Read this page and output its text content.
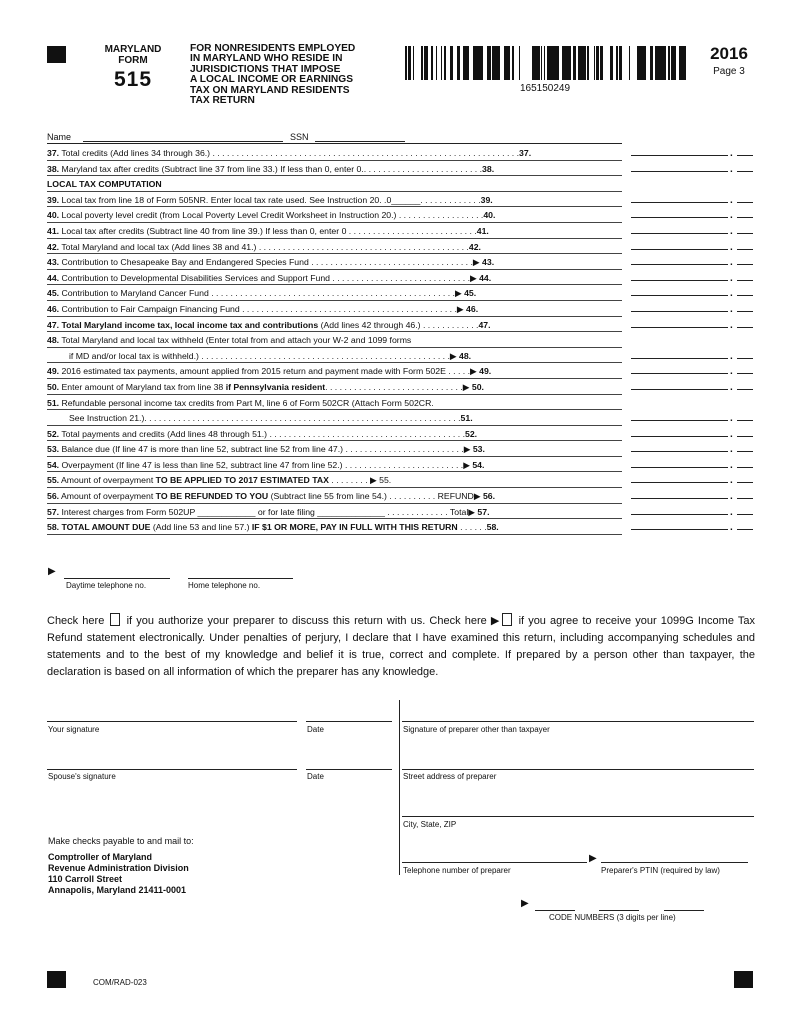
MARYLAND
FORM
515
FOR NONRESIDENTS EMPLOYED
IN MARYLAND WHO RESIDE IN
JURISDICTIONS THAT IMPOSE
A LOCAL INCOME OR EARNINGS
TAX ON MARYLAND RESIDENTS
TAX RETURN
165150249
2016
Page 3
Name	SSN
37. Total credits (Add lines 34 through 36.) . . . . . . . . . . . . . . . . . . . . . . . . . . . . . . . . . . . . . . . . . . . . . . . . . . . . . . . . . . . . . . . .37.	.
38. Maryland tax after credits (Subtract line 37 from line 33.) If less than 0, enter 0.. . . . . . . . . . . . . . . . . . . . . . . . .38.	.
LOCAL TAX COMPUTATION
39. Local tax from line 18 of Form 505NR. Enter local tax rate used. See Instruction 20. .0______. . . . . . . . . . . . .39.	.
40. Local poverty level credit (from Local Poverty Level Credit Worksheet in Instruction 20.) . . . . . . . . . . . . . . . . . .40.	.
41. Local tax after credits (Subtract line 40 from line 39.) If less than 0, enter 0 . . . . . . . . . . . . . . . . . . . . . . . . . . .41.	.
42. Total Maryland and local tax (Add lines 38 and 41.) . . . . . . . . . . . . . . . . . . . . . . . . . . . . . . . . . . . . . . . . . . . .42.	.
43. Contribution to Chesapeake Bay and Endangered Species Fund . . . . . . . . . . . . . . . . . . . . . . . . . . . . . . . . . .▶ 43.	.
44. Contribution to Developmental Disabilities Services and Support Fund . . . . . . . . . . . . . . . . . . . . . . . . . . . . .▶ 44.	.
45. Contribution to Maryland Cancer Fund . . . . . . . . . . . . . . . . . . . . . . . . . . . . . . . . . . . . . . . . . . . . . . . . . . .▶ 45.	.
46. Contribution to Fair Campaign Financing Fund . . . . . . . . . . . . . . . . . . . . . . . . . . . . . . . . . . . . . . . . . . . . .▶ 46.	.
47. Total Maryland income tax, local income tax and contributions (Add lines 42 through 46.) . . . . . . . . . . . .47.	.
48. Total Maryland and local tax withheld (Enter total from and attach your W-2 and 1099 forms
if MD and/or local tax is withheld.) . . . . . . . . . . . . . . . . . . . . . . . . . . . . . . . . . . . . . . . . . . . . . . . . . . . .▶ 48.	.
49. 2016 estimated tax payments, amount applied from 2015 return and payment made with Form 502E . . . . .▶ 49.	.
50. Enter amount of Maryland tax from line 38 if Pennsylvania resident. . . . . . . . . . . . . . . . . . . . . . . . . . . . .▶ 50.	.
51. Refundable personal income tax credits from Part M, line 6 of Form 502CR (Attach Form 502CR.
See Instruction 21.). . . . . . . . . . . . . . . . . . . . . . . . . . . . . . . . . . . . . . . . . . . . . . . . . . . . . . . . . . . . . . . . . .51.	.
52. Total payments and credits (Add lines 48 through 51.) . . . . . . . . . . . . . . . . . . . . . . . . . . . . . . . . . . . . . . . . .52.	.
53. Balance due (If line 47 is more than line 52, subtract line 52 from line 47.) . . . . . . . . . . . . . . . . . . . . . . . . .▶ 53.	.
54. Overpayment (If line 47 is less than line 52, subtract line 47 from line 52.) . . . . . . . . . . . . . . . . . . . . . . . . .▶ 54.	.
55. Amount of overpayment TO BE APPLIED TO 2017 ESTIMATED TAX . . . . . . . . ▶ 55.	.
56. Amount of overpayment TO BE REFUNDED TO YOU (Subtract line 55 from line 54.) . . . . . . . . . . REFUND▶ 56.	.
57. Interest charges from Form 502UP ____________ or for late filing ______________ . . . . . . . . . . . . . Total▶ 57.	.
58. TOTAL AMOUNT DUE (Add line 53 and line 57.) IF $1 OR MORE, PAY IN FULL WITH THIS RETURN . . . . . .58.	.
▶
Daytime telephone no.	Home telephone no.
Check here if you authorize your preparer to discuss this return with us. Check here ▶ if you agree to receive your 1099G Income Tax Refund statement electronically. Under penalties of perjury, I declare that I have examined this return, including accompanying schedules and statements and to the best of my knowledge and belief it is true, correct and complete. If prepared by a person other than taxpayer, the declaration is based on all information of which the preparer has any knowledge.
Your signature	Date	Signature of preparer other than taxpayer
Spouse's signature	Date	Street address of preparer
City, State, ZIP
▶
Telephone number of preparer	Preparer's PTIN (required by law)
Make checks payable to and mail to:
Comptroller of Maryland
Revenue Administration Division
110 Carroll Street
Annapolis, Maryland 21411-0001
▶
CODE NUMBERS (3 digits per line)
COM/RAD-023
